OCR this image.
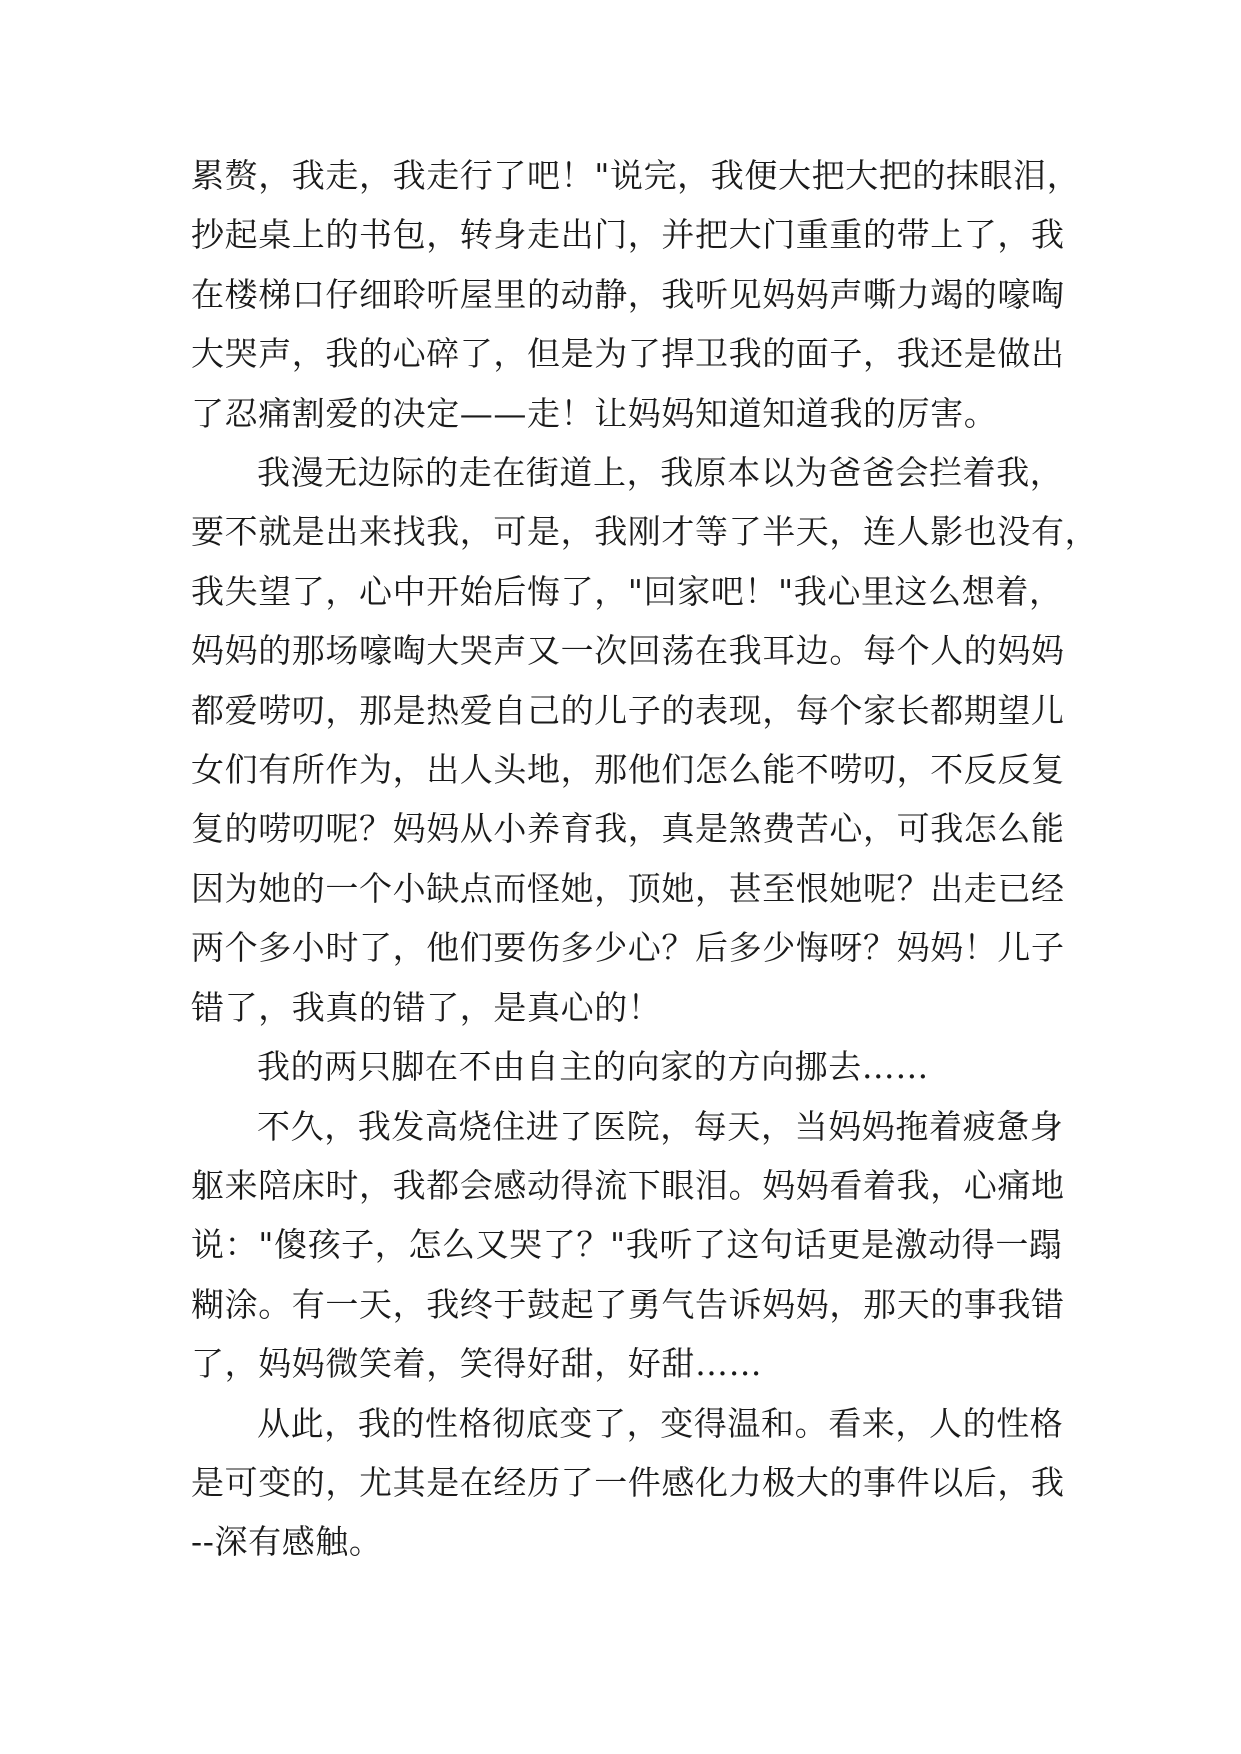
累赘，我走，我走行了吧！"说完，我便大把大把的抹眼泪，
抄起桌上的书包，转身走出门，并把大门重重的带上了，我
在楼梯口仔细聆听屋里的动静，我听见妈妈声嘶力竭的嚎啕
大哭声，我的心碎了，但是为了捍卫我的面子，我还是做出
了忍痛割爱的决定——走！让妈妈知道知道我的厉害。

我漫无边际的走在街道上，我原本以为爸爸会拦着我，
要不就是出来找我，可是，我刚才等了半天，连人影也没有，
我失望了，心中开始后悔了，"回家吧！"我心里这么想着，
妈妈的那场嚎啕大哭声又一次回荡在我耳边。每个人的妈妈
都爱唠叨，那是热爱自己的儿子的表现，每个家长都期望儿
女们有所作为，出人头地，那他们怎么能不唠叨，不反反复
复的唠叨呢？妈妈从小养育我，真是煞费苦心，可我怎么能
因为她的一个小缺点而怪她，顶她，甚至恨她呢？出走已经
两个多小时了，他们要伤多少心？后多少悔呀？妈妈！儿子
错了，我真的错了，是真心的！

我的两只脚在不由自主的向家的方向挪去……

不久，我发高烧住进了医院，每天，当妈妈拖着疲惫身
躯来陪床时，我都会感动得流下眼泪。妈妈看着我，心痛地
说："傻孩子，怎么又哭了？"我听了这句话更是激动得一蹋
糊涂。有一天，我终于鼓起了勇气告诉妈妈，那天的事我错
了，妈妈微笑着，笑得好甜，好甜……

从此，我的性格彻底变了，变得温和。看来，人的性格
是可变的，尤其是在经历了一件感化力极大的事件以后，我
--深有感触。
